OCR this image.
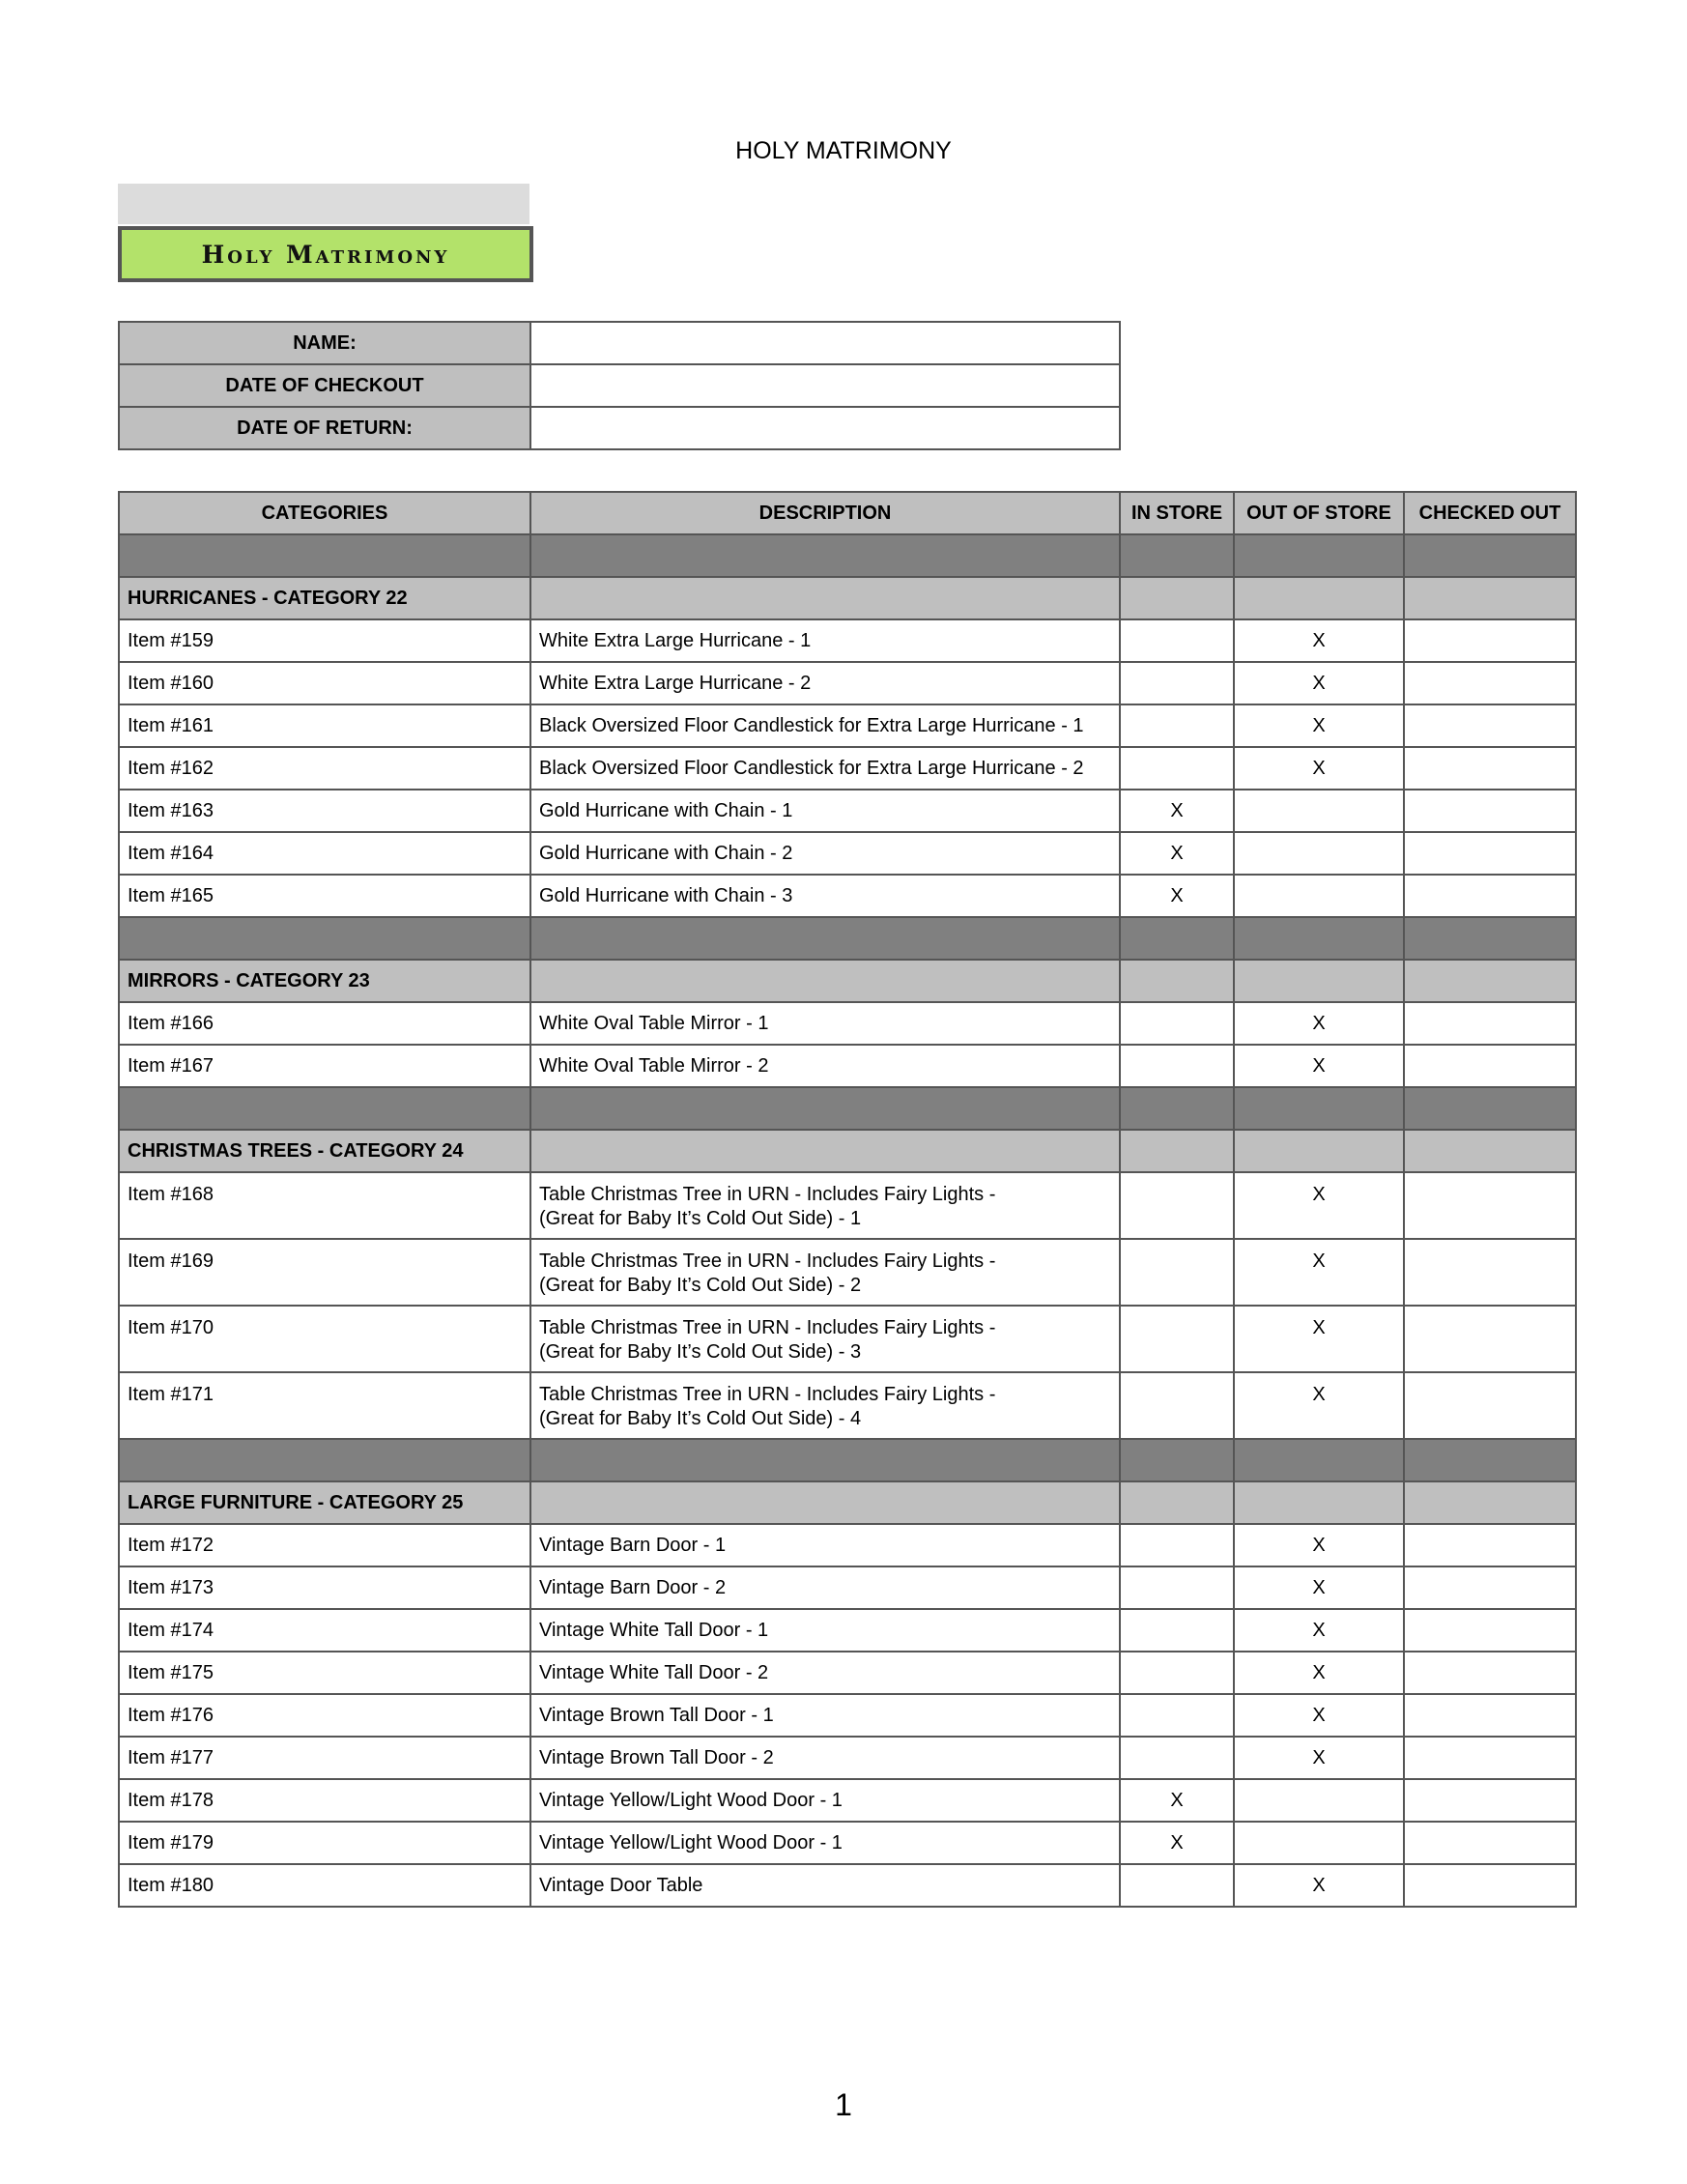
HOLY MATRIMONY
Holy Matrimony
NAME:	
DATE OF CHECKOUT	
DATE OF RETURN:	
CATEGORIES	DESCRIPTION	IN STORE	OUT OF STORE	CHECKED OUT

HURRICANES - CATEGORY 22				
Item #159	White Extra Large Hurricane - 1		X	
Item #160	White Extra Large Hurricane - 2		X	
Item #161	Black Oversized Floor Candlestick for Extra Large Hurricane - 1		X	
Item #162	Black Oversized Floor Candlestick for Extra Large Hurricane - 2		X	
Item #163	Gold Hurricane with Chain - 1	X		
Item #164	Gold Hurricane with Chain - 2	X		
Item #165	Gold Hurricane with Chain - 3	X		

MIRRORS - CATEGORY 23				
Item #166	White Oval Table Mirror - 1		X	
Item #167	White Oval Table Mirror - 2		X	

CHRISTMAS TREES - CATEGORY 24				
Item #168	Table Christmas Tree in URN - Includes Fairy Lights -
(Great for Baby It’s Cold Out Side) - 1		X	
Item #169	Table Christmas Tree in URN - Includes Fairy Lights -
(Great for Baby It’s Cold Out Side) - 2		X	
Item #170	Table Christmas Tree in URN - Includes Fairy Lights -
(Great for Baby It’s Cold Out Side) - 3		X	
Item #171	Table Christmas Tree in URN - Includes Fairy Lights -
(Great for Baby It’s Cold Out Side) - 4		X	

LARGE FURNITURE - CATEGORY 25				
Item #172	Vintage Barn Door - 1		X	
Item #173	Vintage Barn Door - 2		X	
Item #174	Vintage White Tall Door - 1		X	
Item #175	Vintage White Tall Door - 2		X	
Item #176	Vintage Brown Tall Door - 1		X	
Item #177	Vintage Brown Tall Door - 2		X	
Item #178	Vintage Yellow/Light Wood Door - 1	X		
Item #179	Vintage Yellow/Light Wood Door - 1	X		
Item #180	Vintage Door Table		X	
1
